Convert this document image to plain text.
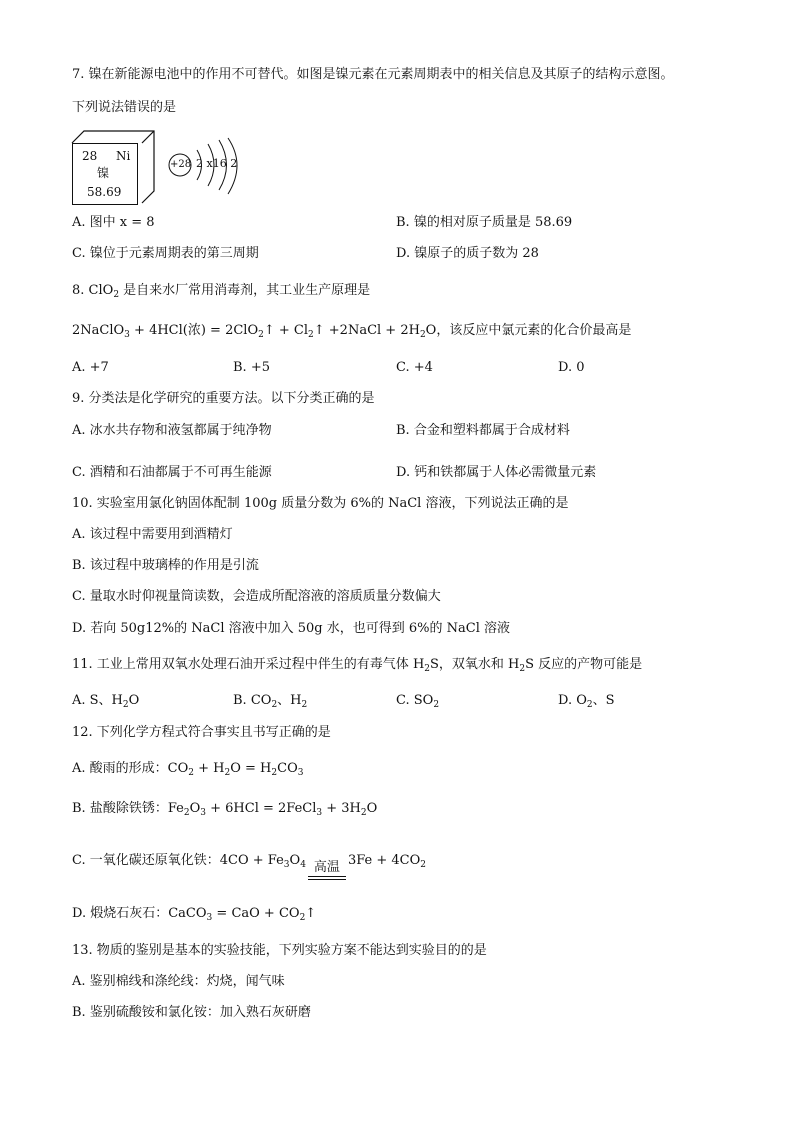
7. 镍在新能源电池中的作用不可替代。如图是镍元素在元素周期表中的相关信息及其原子的结构示意图。
下列说法错误的是
28 Ni
镍
58.69
+28 2 x16 2
A. 图中 x = 8	B. 镍的相对原子质量是 58.69
C. 镍位于元素周期表的第三周期	D. 镍原子的质子数为 28
8. ClO$_2$ 是自来水厂常用消毒剂，其工业生产原理是
2NaClO$_3$ + 4HCl(浓) = 2ClO$_2$↑ + $Cl_2↑$ +2NaCl + $2H_2O$，该反应中氯元素的化合价最高是
A. +7	B. +5	C. +4	D. 0
9. 分类法是化学研究的重要方法。以下分类正确的是
A. 冰水共存物和液氢都属于纯净物	B. 合金和塑料都属于合成材料
C. 酒精和石油都属于不可再生能源	D. 钙和铁都属于人体必需微量元素
10. 实验室用氯化钠固体配制 100g 质量分数为 6%的 NaCl 溶液，下列说法正确的是
A. 该过程中需要用到酒精灯
B. 该过程中玻璃棒的作用是引流
C. 量取水时仰视量筒读数，会造成所配溶液的溶质质量分数偏大
D. 若向 50g12%的 NaCl 溶液中加入 50g 水，也可得到 6%的 NaCl 溶液
11. 工业上常用双氧水处理石油开采过程中伴生的有毒气体 $H_2S$，双氧水和 $H_2S$ 反应的产物可能是
A. S、$H_2O$	B. $CO_2$、$H_2$	C. $SO_2$	D. $O_2$、S
12. 下列化学方程式符合事实且书写正确的是
A. 酸雨的形成：$CO_2 + H_2O = H_2CO_3$
B. 盐酸除铁锈：$Fe_2O_3 + 6HCl$ = 2FeCl$_3$ + $3H_2O$
C. 一氧化碳还原氧化铁：$4CO + Fe_3O_4$ 高温 $3Fe + 4CO_2$
D. 煅烧石灰石：CaCO$_3$ = CaO + $CO_2↑$
13. 物质的鉴别是基本的实验技能，下列实验方案不能达到实验目的的是
A. 鉴别棉线和涤纶线：灼烧，闻气味
B. 鉴别硫酸铵和氯化铵：加入熟石灰研磨
